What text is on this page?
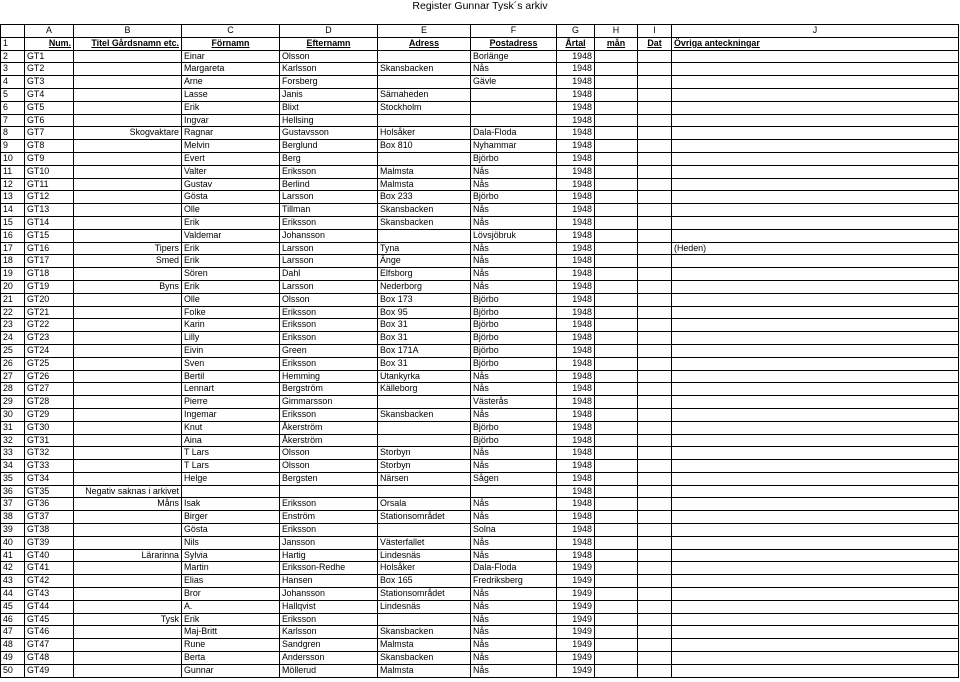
Register Gunnar Tysk´s arkiv
	A	B	C	D	E	F	G	H	I	J
1	Num.	Titel Gårdsnamn etc.	Förnamn	Efternamn	Adress	Postadress	Årtal	mån	Dat	Övriga anteckningar
2	GT1		Einar	Olsson		Borlänge	1948			
3	GT2		Margareta	Karlsson	Skansbacken	Nås	1948			
4	GT3		Arne	Forsberg		Gävle	1948			
5	GT4		Lasse	Janis	Särnaheden		1948			
6	GT5		Erik	Blixt	Stockholm		1948			
7	GT6		Ingvar	Hellsing			1948			
8	GT7	Skogvaktare	Ragnar	Gustavsson	Holsåker	Dala-Floda	1948			
9	GT8		Melvin	Berglund	Box 810	Nyhammar	1948			
10	GT9		Evert	Berg		Björbo	1948			
11	GT10		Valter	Eriksson	Malmsta	Nås	1948			
12	GT11		Gustav	Berlind	Malmsta	Nås	1948			
13	GT12		Gösta	Larsson	Box 233	Björbo	1948			
14	GT13		Olle	Tillman	Skansbacken	Nås	1948			
15	GT14		Erik	Eriksson	Skansbacken	Nås	1948			
16	GT15		Valdemar	Johansson		Lövsjöbruk	1948			
17	GT16	Tipers	Erik	Larsson	Tyna	Nås	1948			(Heden)
18	GT17	Smed	Erik	Larsson	Änge	Nås	1948			
19	GT18		Sören	Dahl	Elfsborg	Nås	1948			
20	GT19	Byns	Erik	Larsson	Nederborg	Nås	1948			
21	GT20		Olle	Olsson	Box 173	Björbo	1948			
22	GT21		Folke	Eriksson	Box 95	Björbo	1948			
23	GT22		Karin	Eriksson	Box 31	Björbo	1948			
24	GT23		Lilly	Eriksson	Box 31	Björbo	1948			
25	GT24		Eivin	Green	Box 171A	Björbo	1948			
26	GT25		Sven	Eriksson	Box 31	Björbo	1948			
27	GT26		Bertil	Hemming	Utankyrka	Nås	1948			
28	GT27		Lennart	Bergström	Källeborg	Nås	1948			
29	GT28		Pierre	Gimmarsson		Västerås	1948			
30	GT29		Ingemar	Eriksson	Skansbacken	Nås	1948			
31	GT30		Knut	Åkerström		Björbo	1948			
32	GT31		Aina	Åkerström		Björbo	1948			
33	GT32		T Lars	Olsson	Storbyn	Nås	1948			
34	GT33		T Lars	Olsson	Storbyn	Nås	1948			
35	GT34		Helge	Bergsten	Närsen	Sågen	1948			
36	GT35	Negativ saknas i arkivet					1948			
37	GT36	Måns	Isak	Eriksson	Orsala	Nås	1948			
38	GT37		Birger	Enström	Stationsområdet	Nås	1948			
39	GT38		Gösta	Eriksson		Solna	1948			
40	GT39		Nils	Jansson	Västerfallet	Nås	1948			
41	GT40	Lärarinna	Sylvia	Hartig	Lindesnäs	Nås	1948			
42	GT41		Martin	Eriksson-Redhe	Holsåker	Dala-Floda	1949			
43	GT42		Elias	Hansen	Box 165	Fredriksberg	1949			
44	GT43		Bror	Johansson	Stationsområdet	Nås	1949			
45	GT44		A.	Hallqvist	Lindesnäs	Nås	1949			
46	GT45	Tysk	Erik	Eriksson		Nås	1949			
47	GT46		Maj-Britt	Karlsson	Skansbacken	Nås	1949			
48	GT47		Rune	Sandgren	Malmsta	Nås	1949			
49	GT48		Berta	Andersson	Skansbacken	Nås	1949			
50	GT49		Gunnar	Möllerud	Malmsta	Nås	1949			
